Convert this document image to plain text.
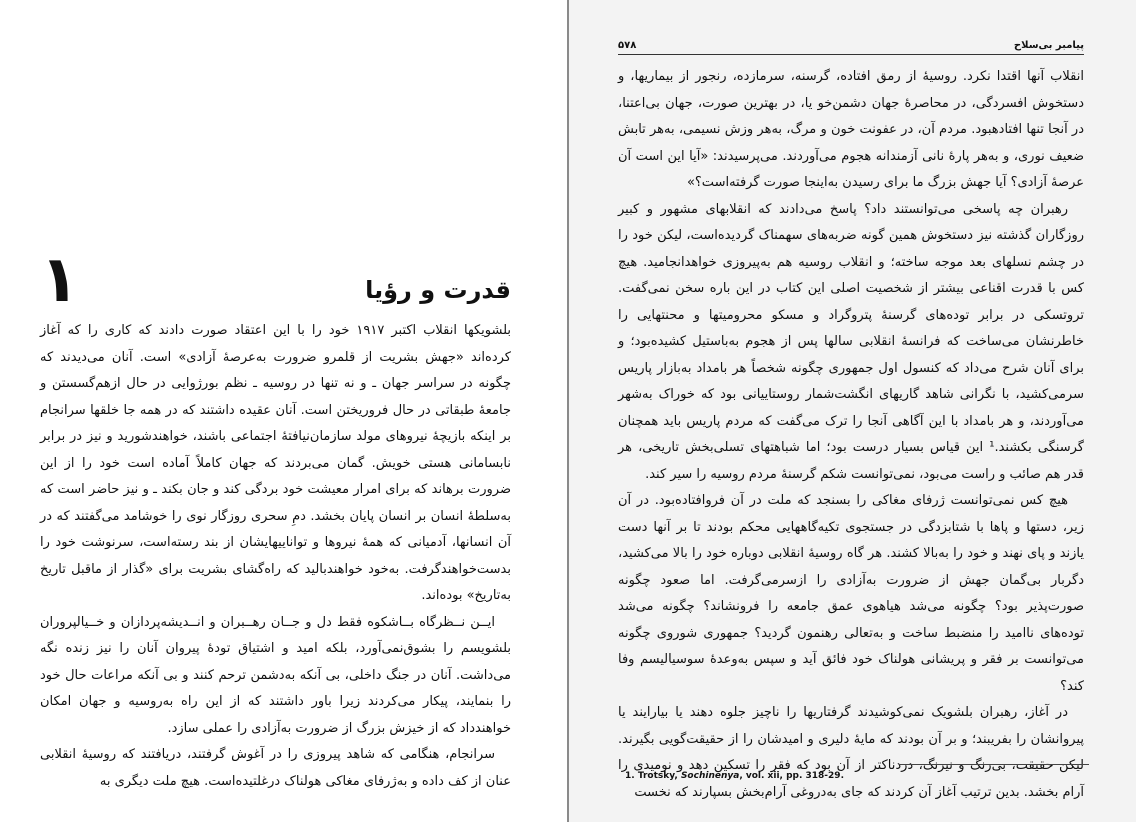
۱	قدرت و رؤیا

بلشویکها انقلاب اکتبر ۱۹۱۷ خود را با این اعتقاد صورت دادند که کاری را که آغاز کرده‌اند «جهش بشریت از قلمرو ضرورت به‌عرصهٔ آزادی» است. آنان می‌دیدند که چگونه در سراسر جهان ـ و نه تنها در روسیه ـ نظم بورژوایی در حال ازهم‌گسستن و جامعهٔ طبقاتی در حال فروریختن است. آنان عقیده داشتند که در همه جا خلقها سرانجام بر اینکه بازیچهٔ نیروهای مولد سازمان‌نیافتهٔ اجتماعی باشند، خواهندشورید و نیز در برابر نابسامانی هستی خویش. گمان می‌بردند که جهان کاملاً آماده است خود را از این ضرورت برهاند که برای امرار معیشت خود بردگی کند و جان بکند ـ و نیز حاضر است که به‌سلطهٔ انسان بر انسان پایان بخشد. دمِ سحری روزگار نوی را خوشامد می‌گفتند که در آن انسانها، آدمیانی که همهٔ نیروها و تواناییهایشان از بند رسته‌است، سرنوشت خود را بدست‌خواهندگرفت. به‌خود خواهندبالید که راه‌گشای بشریت برای «گذار از ماقبل تاریخ به‌تاریخ» بوده‌اند.

ایــن نــظرگاه بــاشکوه فقط دل و جــان رهــبران و انــدیشه‌پردازان و خــیالپروران بلشویسم را بشوق‌نمی‌آورد، بلکه امید و اشتیاق تودهٔ پیروان آنان را نیز زنده نگه می‌داشت. آنان در جنگ داخلی، بی آنکه به‌دشمن ترحم کنند و بی آنکه مراعات حال خود را بنمایند، پیکار می‌کردند زیرا باور داشتند که از این راه به‌روسیه و جهان امکان خواهندداد که از خیزش بزرگ از ضرورت به‌آزادی را عملی سازد.

سرانجام، هنگامی که شاهد پیروزی را در آغوش گرفتند، دریافتند که روسیهٔ انقلابی عنان از کف داده و به‌ژرفای مغاکی هولناک درغلتیده‌است. هیچ ملت دیگری به

پیامبر بی‌سلاح
۵۷۸

انقلاب آنها اقتدا نکرد. روسیهٔ از رمق افتاده، گرسنه، سرمازده، رنجور از بیماریها، و دستخوش افسردگی، در محاصرهٔ جهان دشمن‌خو یا، در بهترین صورت، جهان بی‌اعتنا، در آنجا تنها افتادهبود. مردم آن، در عفونت خون و مرگ، به‌هر وزش نسیمی، به‌هر تابش ضعیف نوری، و به‌هر پارهٔ نانی آزمندانه هجوم می‌آوردند. می‌پرسیدند: «آیا این است آن عرصهٔ آزادی؟ آیا جهش بزرگ ما برای رسیدن به‌اینجا صورت گرفته‌است؟»

رهبران چه پاسخی می‌توانستند داد؟ پاسخ می‌دادند که انقلابهای مشهور و کبیر روزگاران گذشته نیز دستخوش همین گونه ضربه‌های سهمناک گردیده‌است، لیکن خود را در چشم نسلهای بعد موجه ساخته؛ و انقلاب روسیه هم به‌پیروزی خواهدانجامید. هیچ کس با قدرت اقناعی بیشتر از شخصیت اصلی این کتاب در این باره سخن نمی‌گفت. تروتسکی در برابر توده‌های گرسنهٔ پتروگراد و مسکو محرومیتها و محنتهایی را خاطرنشان می‌ساخت که فرانسهٔ انقلابی سالها پس از هجوم به‌باستیل کشیده‌بود؛ و برای آنان شرح می‌داد که کنسول اول جمهوری چگونه شخصاً هر بامداد به‌بازار پاریس سرمی‌کشید، با نگرانی شاهد گاریهای انگشت‌شمار روستاییانی بود که خوراک به‌شهر می‌آوردند، و هر بامداد با این آگاهی آنجا را ترک می‌گفت که مردم پاریس باید همچنان گرسنگی بکشند.¹ این قیاس بسیار درست بود؛ اما شباهتهای تسلی‌بخش تاریخی، هر قدر هم صائب و راست می‌بود، نمی‌توانست شکم گرسنهٔ مردم روسیه را سیر کند.

هیچ کس نمی‌توانست ژرفای مغاکی را بسنجد که ملت در آن فروافتاده‌بود. در آن زیر، دستها و پاها با شتابزدگی در جستجوی تکیه‌گاههایی محکم بودند تا بر آنها دست یازند و پای نهند و خود را به‌بالا کشند. هر گاه روسیهٔ انقلابی دوباره خود را بالا می‌کشید، دگربار بی‌گمان جهش از ضرورت به‌آزادی را ازسرمی‌گرفت. اما صعود چگونه صورت‌پذیر بود؟ چگونه می‌شد هیاهوی عمق جامعه را فرونشاند؟ چگونه می‌شد توده‌های ناامید را منضبط ساخت و به‌تعالی رهنمون گردید؟ جمهوری شوروی چگونه می‌توانست بر فقر و پریشانی هولناک خود فائق آید و سپس به‌وعدهٔ سوسیالیسم وفا کند؟

در آغاز، رهبران بلشویک نمی‌کوشیدند گرفتاریها را ناچیز جلوه دهند یا بیارایند یا پیروانشان را بفریبند؛ و بر آن بودند که مایهٔ دلیری و امیدشان را از حقیقت‌گویی بگیرند. لیکن حقیقت، بی‌رنگ و نیرنگ، دردناکتر از آن بود که فقر را تسکین دهد و نومیدی را آرام بخشد. بدین ترتیب آغاز آن کردند که جای به‌دروغی آرام‌بخش بسپارند که نخست

1. Trotsky, Sochinenya, vol. xii, pp. 318-29.
